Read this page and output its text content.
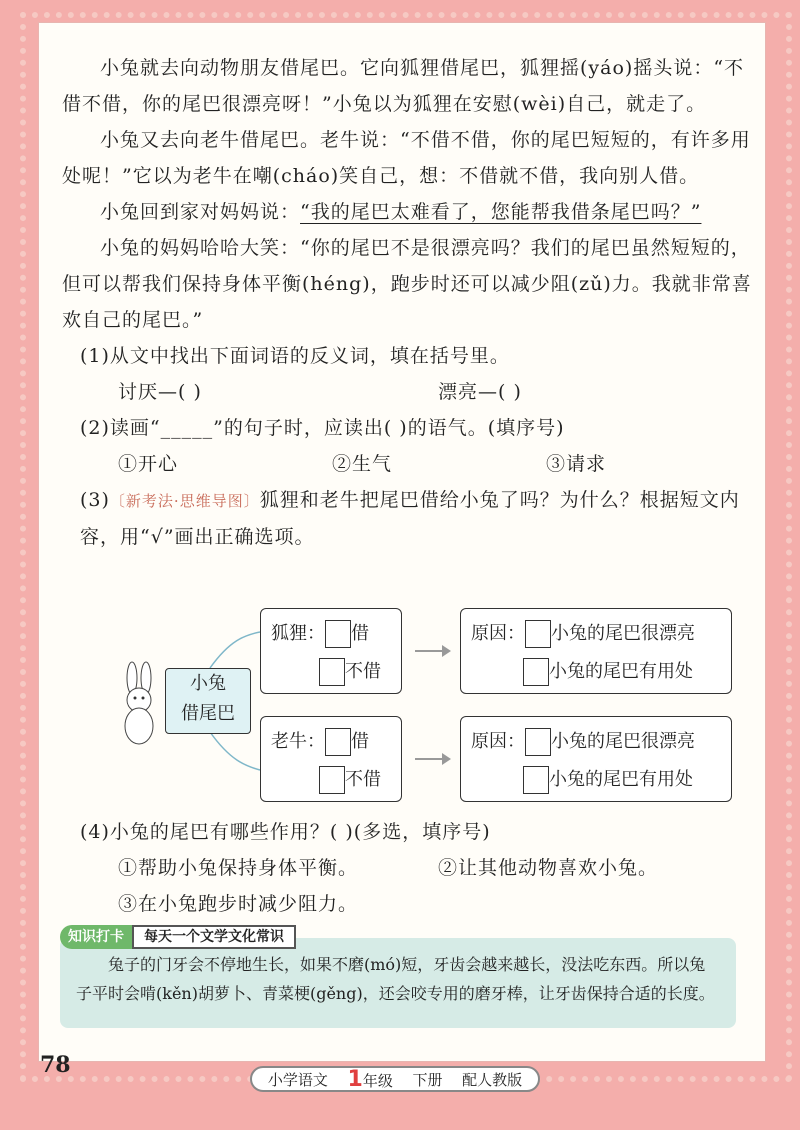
小兔就去向动物朋友借尾巴。它向狐狸借尾巴，狐狸摇(yáo)摇头说：“不借不借，你的尾巴很漂亮呀！”小兔以为狐狸在安慰(wèi)自己，就走了。

小兔又去向老牛借尾巴。老牛说：“不借不借，你的尾巴短短的，有许多用处呢！”它以为老牛在嘲(cháo)笑自己，想：不借就不借，我向别人借。

小兔回到家对妈妈说：“我的尾巴太难看了，您能帮我借条尾巴吗？”

小兔的妈妈哈哈大笑：“你的尾巴不是很漂亮吗？我们的尾巴虽然短短的，但可以帮我们保持身体平衡(héng)，跑步时还可以减少阻(zǔ)力。我就非常喜欢自己的尾巴。”

(1)从文中找出下面词语的反义词，填在括号里。

讨厌—( )	漂亮—( )

(2)读画“_____”的句子时，应读出( )的语气。(填序号)

①开心	②生气	③请求

(3)〔新考法·思维导图〕狐狸和老牛把尾巴借给小兔了吗？为什么？根据短文内容，用“√”画出正确选项。

小兔
借尾巴
狐狸： 借
不借
原因： 小兔的尾巴很漂亮
小兔的尾巴有用处
老牛： 借
不借
原因： 小兔的尾巴很漂亮
小兔的尾巴有用处

(4)小兔的尾巴有哪些作用？( )(多选，填序号)

①帮助小兔保持身体平衡。	②让其他动物喜欢小兔。

③在小兔跑步时减少阻力。

兔子的门牙会不停地生长，如果不磨(mó)短，牙齿会越来越长，没法吃东西。所以兔子平时会啃(kěn)胡萝卜、青菜梗(gěng)，还会咬专用的磨牙棒，让牙齿保持合适的长度。
知识打卡	每天一个文学文化常识
78
小学语文 1年级 下册 配人教版
